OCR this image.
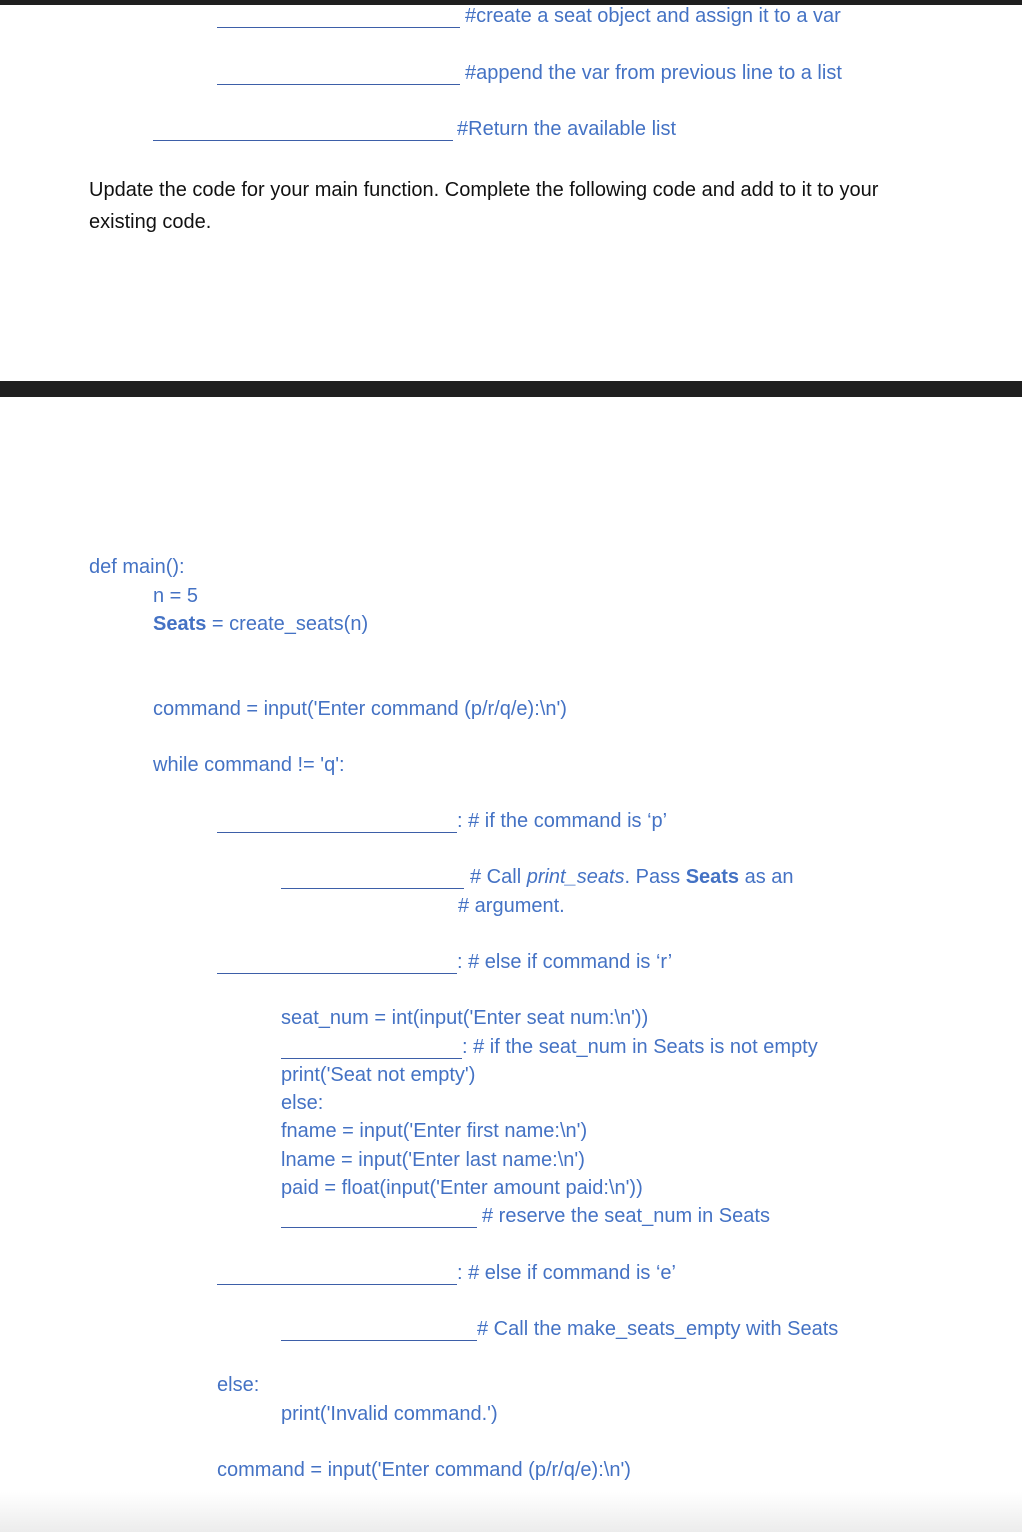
#create a seat object and assign it to a var
#append the var from previous line to a list
#Return the available list
Update the code for your main function. Complete the following code and add to it to your existing code.
def main():
n = 5
Seats = create_seats(n)
command = input('Enter command (p/r/q/e):\n')
while command != 'q':
: # if the command is ‘p’
# Call print_seats. Pass Seats as an
# argument.
: # else if command is ‘r’
seat_num = int(input('Enter seat num:\n'))
: # if the seat_num in Seats is not empty
print('Seat not empty')
else:
fname = input('Enter first name:\n')
lname = input('Enter last name:\n')
paid = float(input('Enter amount paid:\n'))
# reserve the seat_num in Seats
: # else if command is ‘e’
# Call the make_seats_empty with Seats
else:
print('Invalid command.')
command = input('Enter command (p/r/q/e):\n')
